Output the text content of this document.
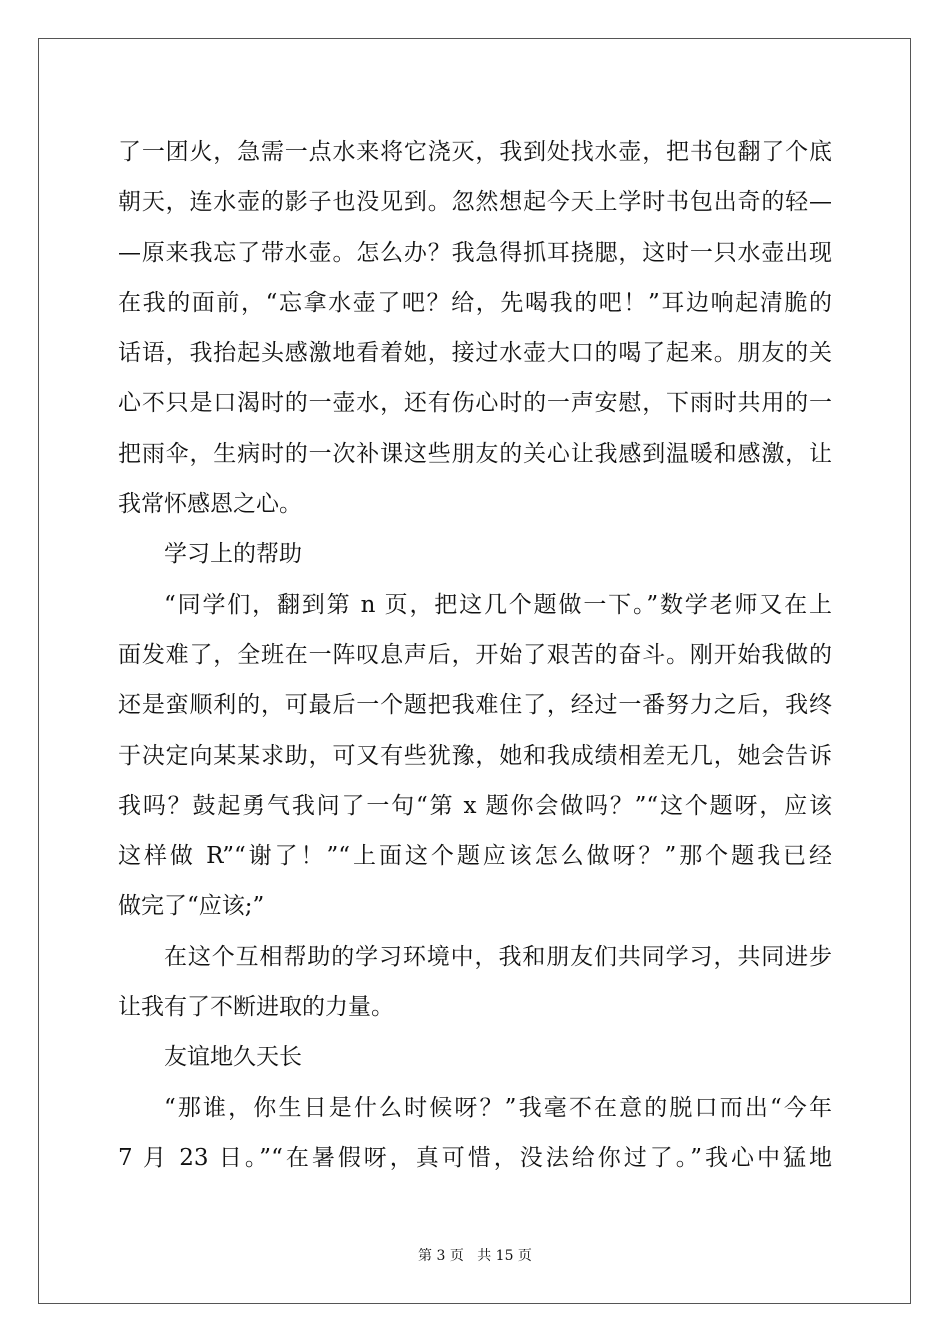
了一团火，急需一点水来将它浇灭，我到处找水壶，把书包翻了个底
朝天，连水壶的影子也没见到。忽然想起今天上学时书包出奇的轻—
—原来我忘了带水壶。怎么办？我急得抓耳挠腮，这时一只水壶出现
在我的面前，“忘拿水壶了吧？给，先喝我的吧！”耳边响起清脆的
话语，我抬起头感激地看着她，接过水壶大口的喝了起来。朋友的关
心不只是口渴时的一壶水，还有伤心时的一声安慰，下雨时共用的一
把雨伞，生病时的一次补课这些朋友的关心让我感到温暖和感激，让
我常怀感恩之心。
学习上的帮助
“同学们，翻到第 n 页，把这几个题做一下。”数学老师又在上
面发难了，全班在一阵叹息声后，开始了艰苦的奋斗。刚开始我做的
还是蛮顺利的，可最后一个题把我难住了，经过一番努力之后，我终
于决定向某某求助，可又有些犹豫，她和我成绩相差无几，她会告诉
我吗？鼓起勇气我问了一句“第 x 题你会做吗？”“这个题呀，应该
这样做 R”“谢了！”“上面这个题应该怎么做呀？”那个题我已经
做完了“应该;”
在这个互相帮助的学习环境中，我和朋友们共同学习，共同进步
让我有了不断进取的力量。
友谊地久天长
“那谁，你生日是什么时候呀？”我毫不在意的脱口而出“今年
7 月 23 日。”“在暑假呀，真可惜，没法给你过了。”我心中猛地
第 3 页 共 15 页
